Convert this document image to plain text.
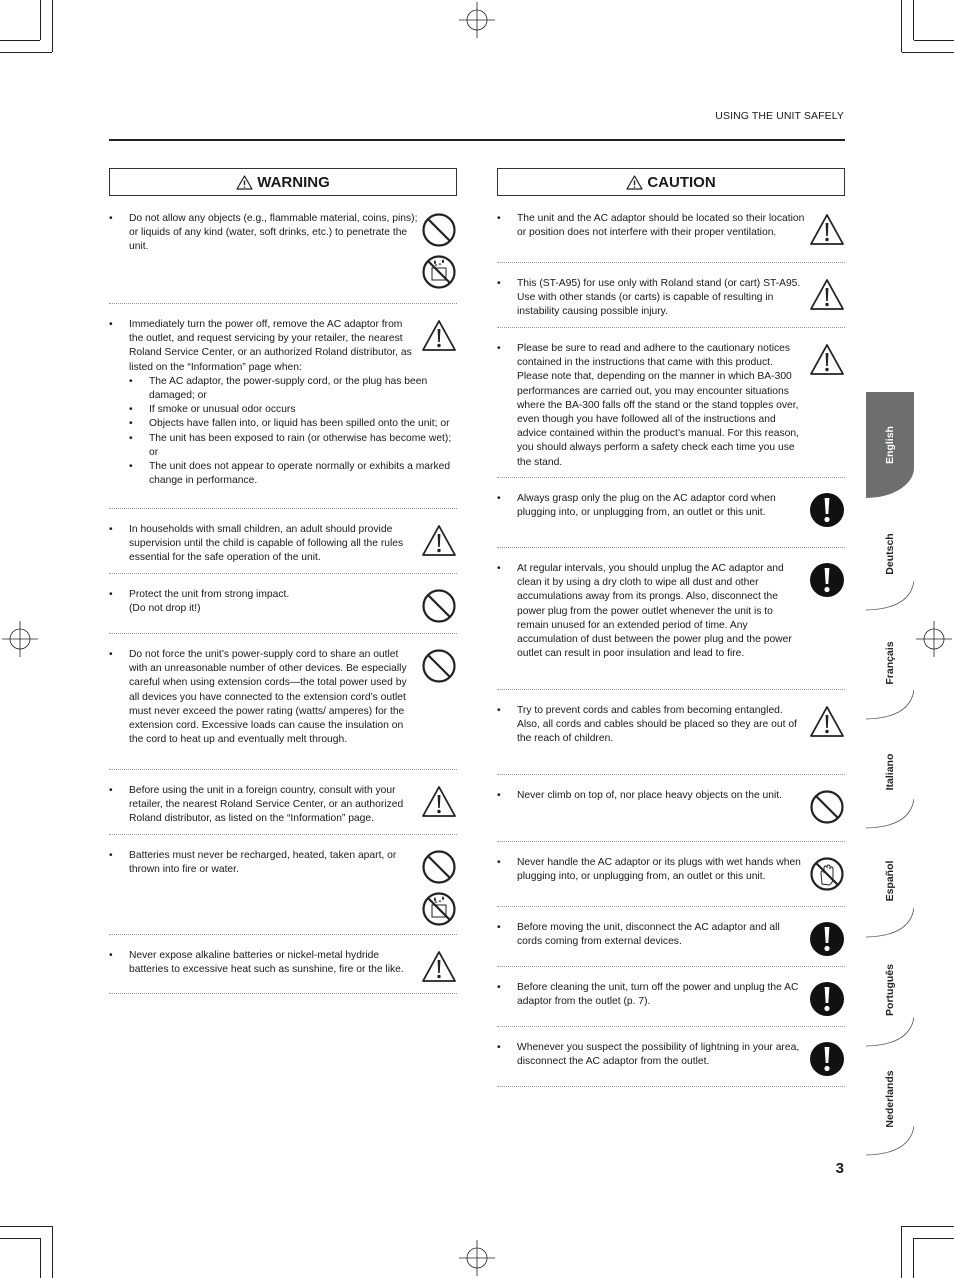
USING THE UNIT SAFELY
WARNING
• Do not allow any objects (e.g., flammable material, coins, pins); or liquids of any kind (water, soft drinks, etc.) to penetrate the unit.
• Immediately turn the power off, remove the AC adaptor from the outlet, and request servicing by your retailer, the nearest Roland Service Center, or an authorized Roland distributor, as listed on the “Information” page when:
• The AC adaptor, the power-supply cord, or the plug has been damaged; or
• If smoke or unusual odor occurs
• Objects have fallen into, or liquid has been spilled onto the unit; or
• The unit has been exposed to rain (or otherwise has become wet); or
• The unit does not appear to operate normally or exhibits a marked change in performance.
• In households with small children, an adult should provide supervision until the child is capable of following all the rules essential for the safe operation of the unit.
• Protect the unit from strong impact.
(Do not drop it!)
• Do not force the unit’s power-supply cord to share an outlet with an unreasonable number of other devices. Be especially careful when using extension cords—the total power used by all devices you have connected to the extension cord’s outlet must never exceed the power rating (watts/ amperes) for the extension cord. Excessive loads can cause the insulation on the cord to heat up and eventually melt through.
• Before using the unit in a foreign country, consult with your retailer, the nearest Roland Service Center, or an authorized Roland distributor, as listed on the “Information” page.
• Batteries must never be recharged, heated, taken apart, or thrown into fire or water.
• Never expose alkaline batteries or nickel-metal hydride batteries to excessive heat such as sunshine, fire or the like.
CAUTION
• The unit and the AC adaptor should be located so their location or position does not interfere with their proper ventilation.
• This (ST-A95) for use only with Roland stand (or cart) ST-A95. Use with other stands (or carts) is capable of resulting in instability causing possible injury.
• Please be sure to read and adhere to the cautionary notices contained in the instructions that came with this product. Please note that, depending on the manner in which BA-300 performances are carried out, you may encounter situations where the BA-300 falls off the stand or the stand topples over, even though you have followed all of the instructions and advice contained within the product’s manual. For this reason, you should always perform a safety check each time you use the stand.
• Always grasp only the plug on the AC adaptor cord when plugging into, or unplugging from, an outlet or this unit.
• At regular intervals, you should unplug the AC adaptor and clean it by using a dry cloth to wipe all dust and other accumulations away from its prongs. Also, disconnect the power plug from the power outlet whenever the unit is to remain unused for an extended period of time. Any accumulation of dust between the power plug and the power outlet can result in poor insulation and lead to fire.
• Try to prevent cords and cables from becoming entangled. Also, all cords and cables should be placed so they are out of the reach of children.
• Never climb on top of, nor place heavy objects on the unit.
• Never handle the AC adaptor or its plugs with wet hands when plugging into, or unplugging from, an outlet or this unit.
• Before moving the unit, disconnect the AC adaptor and all cords coming from external devices.
• Before cleaning the unit, turn off the power and unplug the AC adaptor from the outlet (p. 7).
• Whenever you suspect the possibility of lightning in your area, disconnect the AC adaptor from the outlet.
English
Deutsch
Français
Italiano
Español
Português
Nederlands
3
